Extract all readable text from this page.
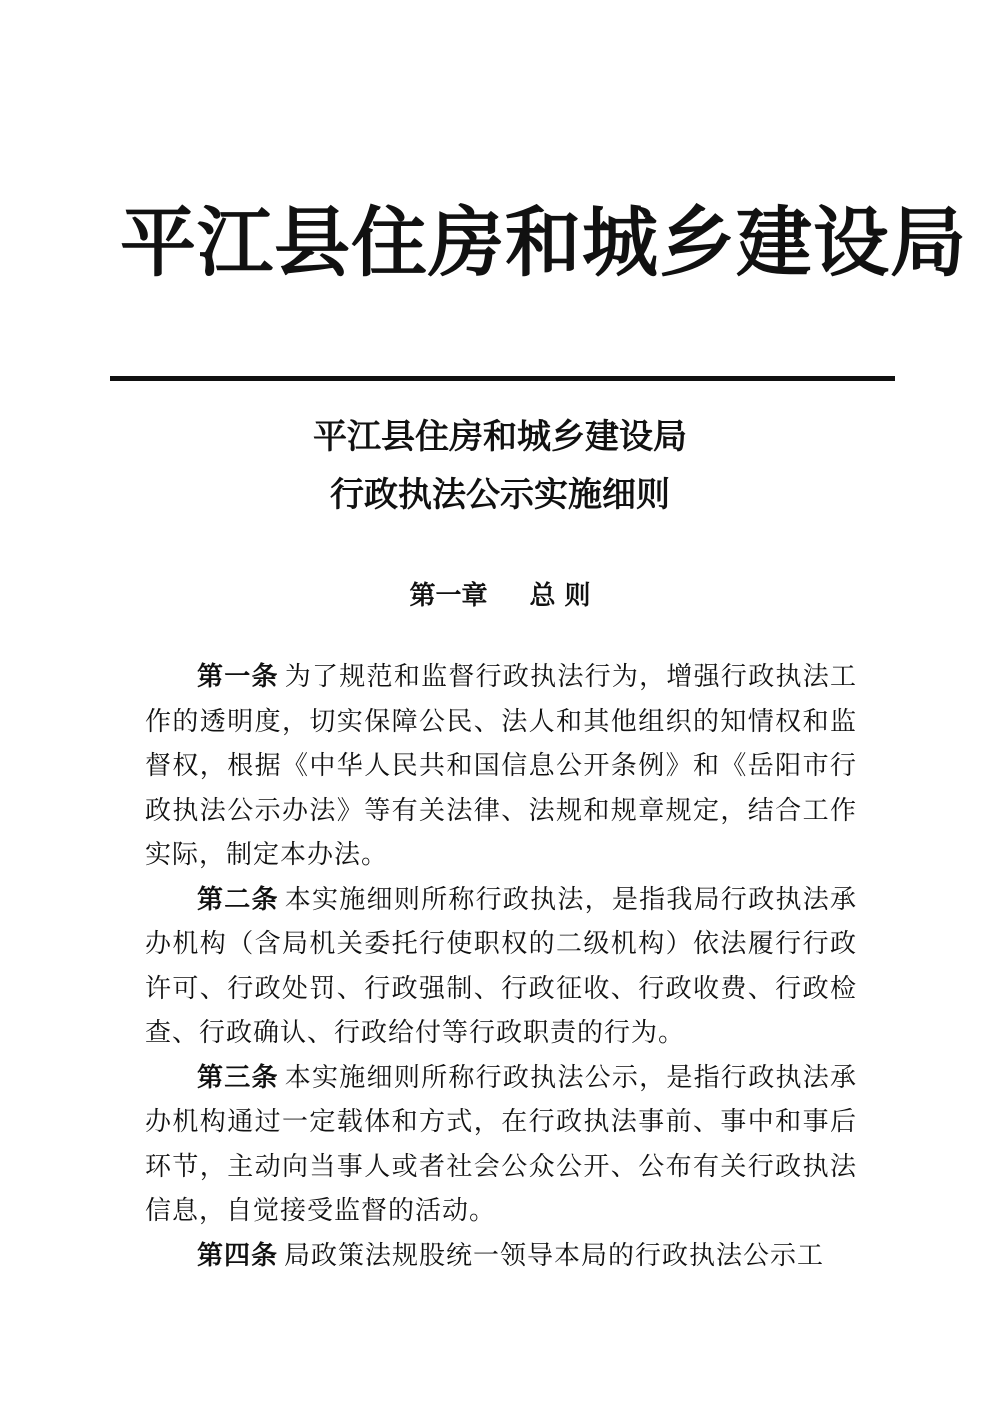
平江县住房和城乡建设局
平江县住房和城乡建设局
行政执法公示实施细则
第一章 总 则

第一条 为了规范和监督行政执法行为，增强行政执法工作的透明度，切实保障公民、法人和其他组织的知情权和监督权，根据《中华人民共和国信息公开条例》和《岳阳市行政执法公示办法》等有关法律、法规和规章规定，结合工作实际，制定本办法。

第二条 本实施细则所称行政执法，是指我局行政执法承办机构（含局机关委托行使职权的二级机构）依法履行行政许可、行政处罚、行政强制、行政征收、行政收费、行政检查、行政确认、行政给付等行政职责的行为。

第三条 本实施细则所称行政执法公示，是指行政执法承办机构通过一定载体和方式，在行政执法事前、事中和事后环节，主动向当事人或者社会公众公开、公布有关行政执法信息，自觉接受监督的活动。

第四条 局政策法规股统一领导本局的行政执法公示工
